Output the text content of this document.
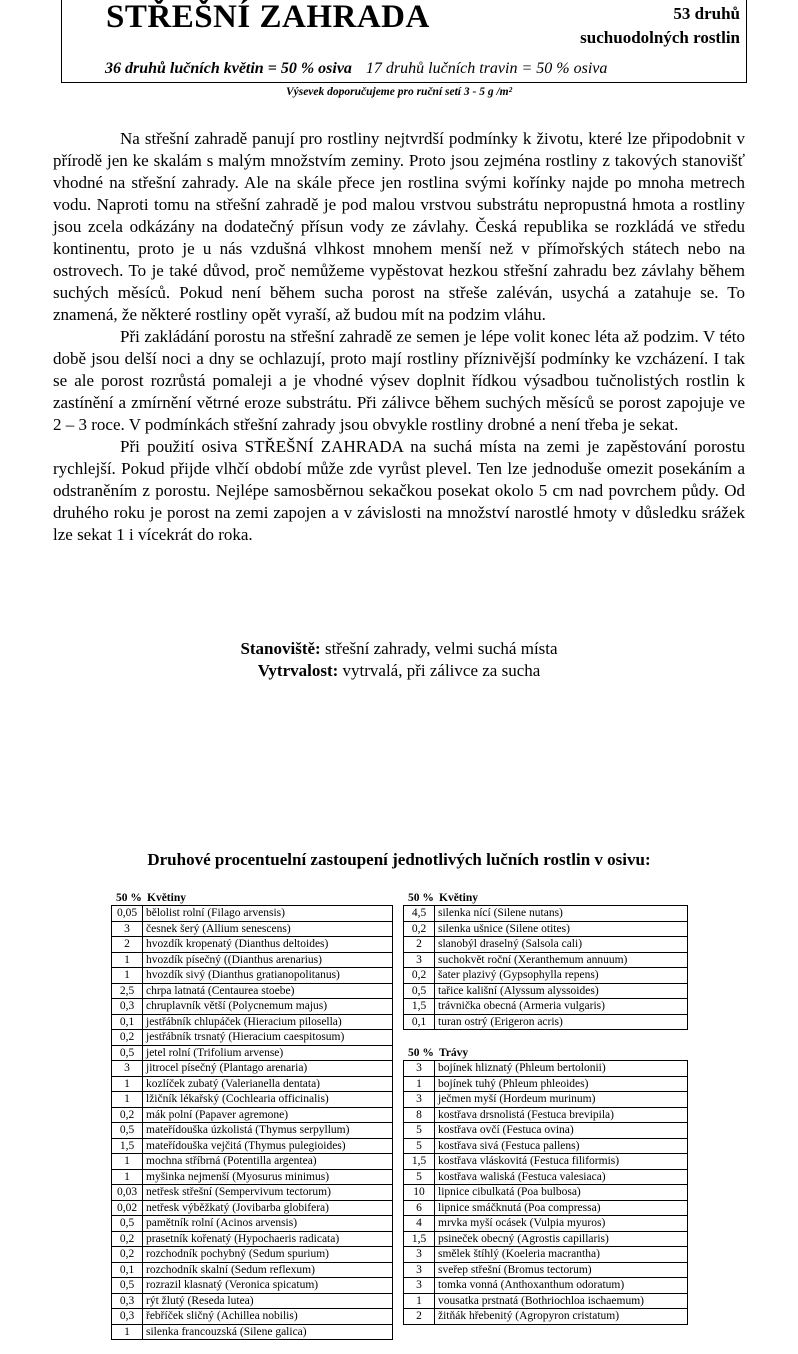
STŘEŠNÍ ZAHRADA	53 druhů
suchuodolných rostlin
36 druhů lučních květin = 50 % osiva 17 druhů lučních travin = 50 % osiva
Výsevek doporučujeme pro ruční setí 3 - 5 g /m²

Na střešní zahradě panují pro rostliny nejtvrdší podmínky k životu, které lze připodobnit v přírodě jen ke skalám s malým množstvím zeminy. Proto jsou zejména rostliny z takových stanovišť vhodné na střešní zahrady. Ale na skále přece jen rostlina svými kořínky najde po mnoha metrech vodu. Naproti tomu na střešní zahradě je pod malou vrstvou substrátu nepropustná hmota a rostliny jsou zcela odkázány na dodatečný přísun vody ze závlahy. Česká republika se rozkládá ve středu kontinentu, proto je u nás vzdušná vlhkost mnohem menší než v přímořských státech nebo na ostrovech. To je také důvod, proč nemůžeme vypěstovat hezkou střešní zahradu bez závlahy během suchých měsíců. Pokud není během sucha porost na střeše zaléván, usychá a zatahuje se. To znamená, že některé rostliny opět vyraší, až budou mít na podzim vláhu.

Při zakládání porostu na střešní zahradě ze semen je lépe volit konec léta až podzim. V této době jsou delší noci a dny se ochlazují, proto mají rostliny příznivější podmínky ke vzcházení. I tak se ale porost rozrůstá pomaleji a je vhodné výsev doplnit řídkou výsadbou tučnolistých rostlin k zastínění a zmírnění větrné eroze substrátu. Při zálivce během suchých měsíců se porost zapojuje ve 2 – 3 roce. V podmínkách střešní zahrady jsou obvykle rostliny drobné a není třeba je sekat.

Při použití osiva STŘEŠNÍ ZAHRADA na suchá místa na zemi je zapěstování porostu rychlejší. Pokud přijde vlhčí období může zde vyrůst plevel. Ten lze jednoduše omezit posekáním a odstraněním z porostu. Nejlépe samosběrnou sekačkou posekat okolo 5 cm nad povrchem půdy. Od druhého roku je porost na zemi zapojen a v závislosti na množství narostlé hmoty v důsledku srážek lze sekat 1 i vícekrát do roka.

Stanoviště: střešní zahrady, velmi suchá místa
Vytrvalost: vytrvalá, při zálivce za sucha
Druhové procentuelní zastoupení jednotlivých lučních rostlin v osivu:
50 % Květiny
0,05	bělolist rolní (Filago arvensis)
3	česnek šerý (Allium senescens)
2	hvozdík kropenatý (Dianthus deltoides)
1	hvozdík písečný ((Dianthus arenarius)
1	hvozdík sivý (Dianthus gratianopolitanus)
2,5	chrpa latnatá (Centaurea stoebe)
0,3	chruplavník větší (Polycnemum majus)
0,1	jestřábník chlupáček (Hieracium pilosella)
0,2	jestřábník trsnatý (Hieracium caespitosum)
0,5	jetel rolní (Trifolium arvense)
3	jitrocel písečný (Plantago arenaria)
1	kozlíček zubatý (Valerianella dentata)
1	lžičník lékařský (Cochlearia officinalis)
0,2	mák polní (Papaver agremone)
0,5	mateřídouška úzkolistá (Thymus serpyllum)
1,5	mateřídouška vejčitá (Thymus pulegioides)
1	mochna stříbrná (Potentilla argentea)
1	myšinka nejmenší (Myosurus minimus)
0,03	netřesk střešní (Sempervivum tectorum)
0,02	netřesk výběžkatý (Jovibarba globifera)
0,5	pamětník rolní (Acinos arvensis)
0,2	prasetník kořenatý (Hypochaeris radicata)
0,2	rozchodník pochybný (Sedum spurium)
0,1	rozchodník skalní (Sedum reflexum)
0,5	rozrazil klasnatý (Veronica spicatum)
0,3	rýt žlutý (Reseda lutea)
0,3	řebříček sličný (Achillea nobilis)
1	silenka francouzská (Silene galica)
50 % Květiny
4,5	silenka nící (Silene nutans)
0,2	silenka ušnice (Silene otites)
2	slanobýl draselný (Salsola cali)
3	suchokvět roční (Xeranthemum annuum)
0,2	šater plazivý (Gypsophylla repens)
0,5	tařice kališní (Alyssum alyssoides)
1,5	trávnička obecná (Armeria vulgaris)
0,1	turan ostrý (Erigeron acris)
50 % Trávy
3	bojínek hliznatý (Phleum bertolonii)
1	bojínek tuhý (Phleum phleoides)
3	ječmen myší (Hordeum murinum)
8	kostřava drsnolistá (Festuca brevipila)
5	kostřava ovčí (Festuca ovina)
5	kostřava sivá (Festuca pallens)
1,5	kostřava vláskovitá (Festuca filiformis)
5	kostřava waliská (Festuca valesiaca)
10	lipnice cibulkatá (Poa bulbosa)
6	lipnice smáčknutá (Poa compressa)
4	mrvka myší ocásek (Vulpia myuros)
1,5	psineček obecný (Agrostis capillaris)
3	smělek štíhlý (Koeleria macrantha)
3	sveřep střešní (Bromus tectorum)
3	tomka vonná (Anthoxanthum odoratum)
1	vousatka prstnatá (Bothriochloa ischaemum)
2	žitňák hřebenitý (Agropyron cristatum)
